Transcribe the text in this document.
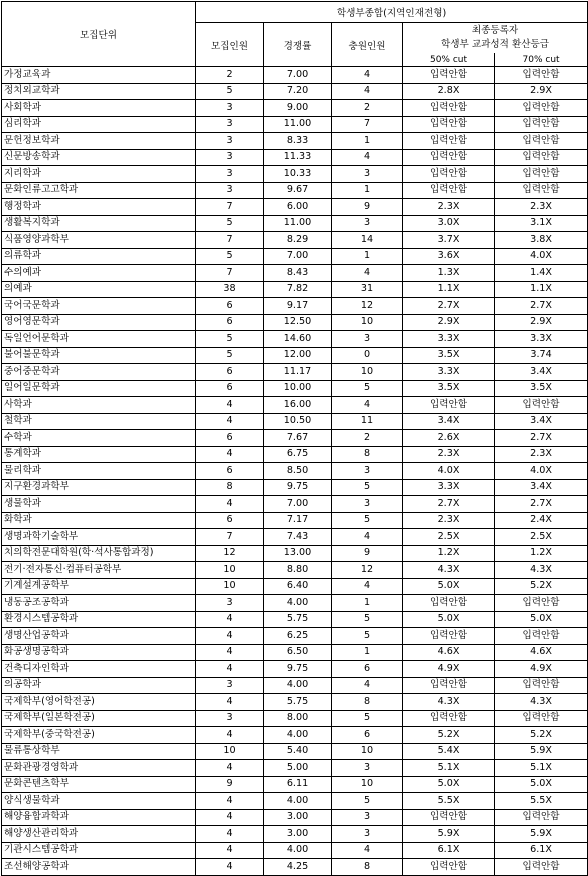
모집단위	학생부종합(지역인재전형)				
	모집인원	경쟁률	충원인원	최종등록자
학생부 교과성적 환산등급	

				50% cut	70% cut
가정교육과	2	7.00	4	입력안함	입력안함
정치외교학과	5	7.20	4	2.8X	2.9X
사회학과	3	9.00	2	입력안함	입력안함
심리학과	3	11.00	7	입력안함	입력안함
문헌정보학과	3	8.33	1	입력안함	입력안함
신문방송학과	3	11.33	4	입력안함	입력안함
지리학과	3	10.33	3	입력안함	입력안함
문화인류고고학과	3	9.67	1	입력안함	입력안함
행정학과	7	6.00	9	2.3X	2.3X
생활복지학과	5	11.00	3	3.0X	3.1X
식품영양과학부	7	8.29	14	3.7X	3.8X
의류학과	5	7.00	1	3.6X	4.0X
수의예과	7	8.43	4	1.3X	1.4X
의예과	38	7.82	31	1.1X	1.1X
국어국문학과	6	9.17	12	2.7X	2.7X
영어영문학과	6	12.50	10	2.9X	2.9X
독일언어문학과	5	14.60	3	3.3X	3.3X
불어불문학과	5	12.00	0	3.5X	3.74
중어중문학과	6	11.17	10	3.3X	3.4X
일어일문학과	6	10.00	5	3.5X	3.5X
사학과	4	16.00	4	입력안함	입력안함
철학과	4	10.50	11	3.4X	3.4X
수학과	6	7.67	2	2.6X	2.7X
통계학과	4	6.75	8	2.3X	2.3X
물리학과	6	8.50	3	4.0X	4.0X
지구환경과학부	8	9.75	5	3.3X	3.4X
생물학과	4	7.00	3	2.7X	2.7X
화학과	6	7.17	5	2.3X	2.4X
생명과학기술학부	7	7.43	4	2.5X	2.5X
치의학전문대학원(학·석사통합과정)	12	13.00	9	1.2X	1.2X
전기·전자통신·컴퓨터공학부	10	8.80	12	4.3X	4.3X
기계설계공학부	10	6.40	4	5.0X	5.2X
냉동공조공학과	3	4.00	1	입력안함	입력안함
환경시스템공학과	4	5.75	5	5.0X	5.0X
생명산업공학과	4	6.25	5	입력안함	입력안함
화공생명공학과	4	6.50	1	4.6X	4.6X
건축디자인학과	4	9.75	6	4.9X	4.9X
의공학과	3	4.00	4	입력안함	입력안함
국제학부(영어학전공)	4	5.75	8	4.3X	4.3X
국제학부(일본학전공)	3	8.00	5	입력안함	입력안함
국제학부(중국학전공)	4	4.00	6	5.2X	5.2X
물류통상학부	10	5.40	10	5.4X	5.9X
문화관광경영학과	4	5.00	3	5.1X	5.1X
문화콘텐츠학부	9	6.11	10	5.0X	5.0X
양식생물학과	4	4.00	5	5.5X	5.5X
해양융합과학과	4	3.00	3	입력안함	입력안함
해양생산관리학과	4	3.00	3	5.9X	5.9X
기관시스템공학과	4	4.00	4	6.1X	6.1X
조선해양공학과	4	4.25	8	입력안함	입력안함
